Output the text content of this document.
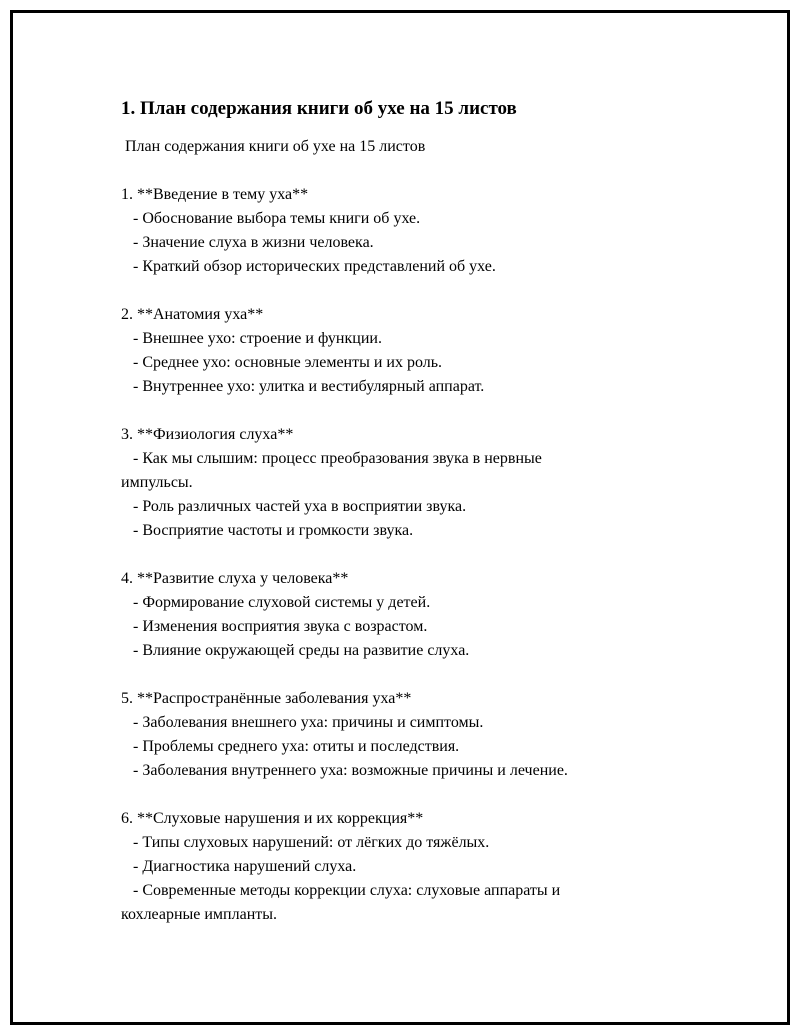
1. План содержания книги об ухе на 15 листов
План содержания книги об ухе на 15 листов
1. **Введение в тему уха**
- Обоснование выбора темы книги об ухе.
- Значение слуха в жизни человека.
- Краткий обзор исторических представлений об ухе.
2. **Анатомия уха**
- Внешнее ухо: строение и функции.
- Среднее ухо: основные элементы и их роль.
- Внутреннее ухо: улитка и вестибулярный аппарат.
3. **Физиология слуха**
- Как мы слышим: процесс преобразования звука в нервные
импульсы.
- Роль различных частей уха в восприятии звука.
- Восприятие частоты и громкости звука.
4. **Развитие слуха у человека**
- Формирование слуховой системы у детей.
- Изменения восприятия звука с возрастом.
- Влияние окружающей среды на развитие слуха.
5. **Распространённые заболевания уха**
- Заболевания внешнего уха: причины и симптомы.
- Проблемы среднего уха: отиты и последствия.
- Заболевания внутреннего уха: возможные причины и лечение.
6. **Слуховые нарушения и их коррекция**
- Типы слуховых нарушений: от лёгких до тяжёлых.
- Диагностика нарушений слуха.
- Современные методы коррекции слуха: слуховые аппараты и
кохлеарные импланты.
